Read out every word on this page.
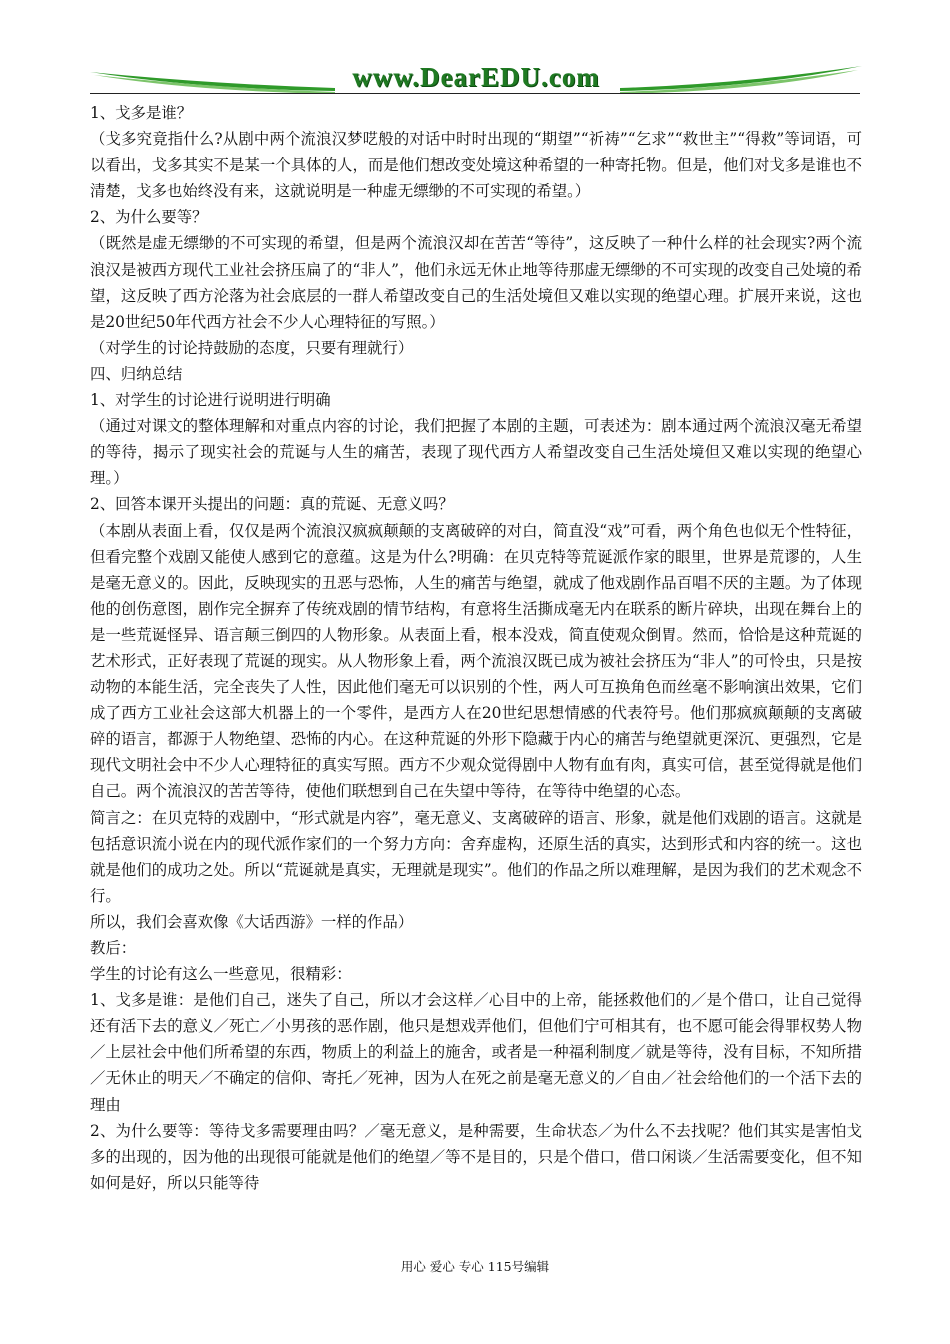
www.DearEDU.com

1、戈多是谁？

（戈多究竟指什么?从剧中两个流浪汉梦呓般的对话中时时出现的“期望”“祈祷”“乞求”“救世主”“得救”等词语，可以看出，戈多其实不是某一个具体的人，而是他们想改变处境这种希望的一种寄托物。但是，他们对戈多是谁也不清楚，戈多也始终没有来，这就说明是一种虚无缥缈的不可实现的希望。）

2、为什么要等？

（既然是虚无缥缈的不可实现的希望，但是两个流浪汉却在苦苦“等待”，这反映了一种什么样的社会现实?两个流浪汉是被西方现代工业社会挤压扁了的“非人”，他们永远无休止地等待那虚无缥缈的不可实现的改变自己处境的希望，这反映了西方沦落为社会底层的一群人希望改变自己的生活处境但又难以实现的绝望心理。扩展开来说，这也是20世纪50年代西方社会不少人心理特征的写照。）

（对学生的讨论持鼓励的态度，只要有理就行）

四、归纳总结

1、对学生的讨论进行说明进行明确

（通过对课文的整体理解和对重点内容的讨论，我们把握了本剧的主题，可表述为：剧本通过两个流浪汉毫无希望的等待，揭示了现实社会的荒诞与人生的痛苦，表现了现代西方人希望改变自己生活处境但又难以实现的绝望心理。）

2、回答本课开头提出的问题：真的荒诞、无意义吗？

（本剧从表面上看，仅仅是两个流浪汉疯疯颠颠的支离破碎的对白，简直没“戏”可看，两个角色也似无个性特征，但看完整个戏剧又能使人感到它的意蕴。这是为什么?明确：在贝克特等荒诞派作家的眼里，世界是荒谬的，人生是毫无意义的。因此，反映现实的丑恶与恐怖，人生的痛苦与绝望，就成了他戏剧作品百唱不厌的主题。为了体现他的创伤意图，剧作完全摒弃了传统戏剧的情节结构，有意将生活撕成毫无内在联系的断片碎块，出现在舞台上的是一些荒诞怪异、语言颠三倒四的人物形象。从表面上看，根本没戏，简直使观众倒胃。然而，恰恰是这种荒诞的艺术形式，正好表现了荒诞的现实。从人物形象上看，两个流浪汉既已成为被社会挤压为“非人”的可怜虫，只是按动物的本能生活，完全丧失了人性，因此他们毫无可以识别的个性，两人可互换角色而丝毫不影响演出效果，它们成了西方工业社会这部大机器上的一个零件，是西方人在20世纪思想情感的代表符号。他们那疯疯颠颠的支离破碎的语言，都源于人物绝望、恐怖的内心。在这种荒诞的外形下隐藏于内心的痛苦与绝望就更深沉、更强烈，它是现代文明社会中不少人心理特征的真实写照。西方不少观众觉得剧中人物有血有肉，真实可信，甚至觉得就是他们自己。两个流浪汉的苦苦等待，使他们联想到自己在失望中等待，在等待中绝望的心态。

简言之：在贝克特的戏剧中，“形式就是内容”，毫无意义、支离破碎的语言、形象，就是他们戏剧的语言。这就是包括意识流小说在内的现代派作家们的一个努力方向：舍弃虚构，还原生活的真实，达到形式和内容的统一。这也就是他们的成功之处。所以“荒诞就是真实，无理就是现实”。他们的作品之所以难理解，是因为我们的艺术观念不行。

所以，我们会喜欢像《大话西游》一样的作品）

教后：

学生的讨论有这么一些意见，很精彩：

1、戈多是谁：是他们自己，迷失了自己，所以才会这样／心目中的上帝，能拯救他们的／是个借口，让自己觉得还有活下去的意义／死亡／小男孩的恶作剧，他只是想戏弄他们，但他们宁可相其有，也不愿可能会得罪权势人物／上层社会中他们所希望的东西，物质上的利益上的施舍，或者是一种福利制度／就是等待，没有目标，不知所措／无休止的明天／不确定的信仰、寄托／死神，因为人在死之前是毫无意义的／自由／社会给他们的一个活下去的理由

2、为什么要等：等待戈多需要理由吗？／毫无意义，是种需要，生命状态／为什么不去找呢？他们其实是害怕戈多的出现的，因为他的出现很可能就是他们的绝望／等不是目的，只是个借口，借口闲谈／生活需要变化，但不知如何是好，所以只能等待

用心 爱心 专心 115号编辑
